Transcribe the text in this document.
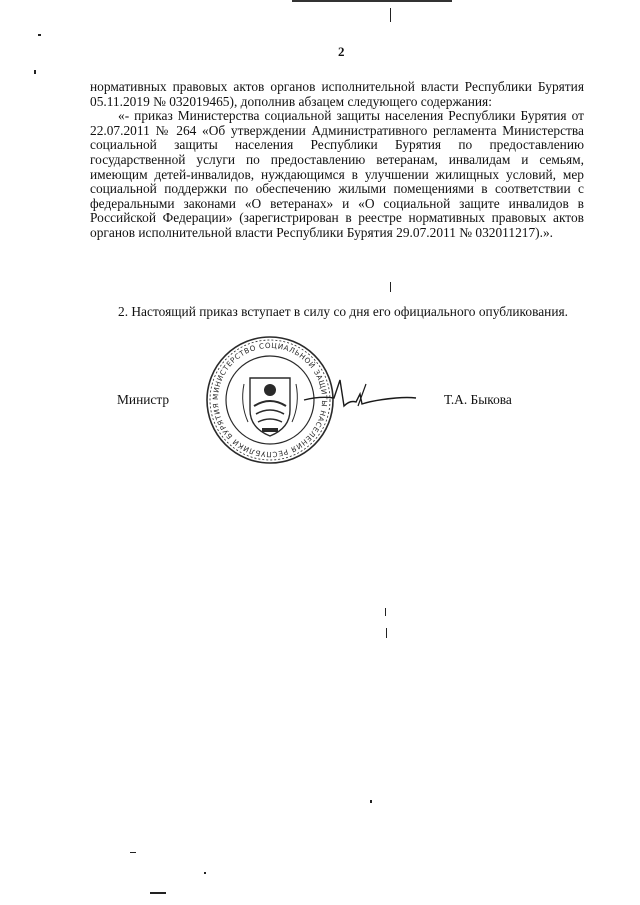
2

нормативных правовых актов органов исполнительной власти Республики Бурятия 05.11.2019 № 032019465), дополнив абзацем следующего содержания:

«- приказ Министерства социальной защиты населения Республики Бурятия от 22.07.2011 № 264 «Об утверждении Административного регламента Министерства социальной защиты населения Республики Бурятия по предоставлению государственной услуги по предоставлению ветеранам, инвалидам и семьям, имеющим детей-инвалидов, нуждающимся в улучшении жилищных условий, мер социальной поддержки по обеспечению жилыми помещениями в соответствии с федеральными законами «О ветеранах» и «О социальной защите инвалидов в Российской Федерации» (зарегистрирован в реестре нормативных правовых актов органов исполнительной власти Республики Бурятия 29.07.2011 № 032011217).».

2. Настоящий приказ вступает в силу со дня его официального опубликования.

МИНИСТЕРСТВО СОЦИАЛЬНОЙ ЗАЩИТЫ НАСЕЛЕНИЯ РЕСПУБЛИКИ БУРЯТИЯ
Министр	Т.А. Быкова
